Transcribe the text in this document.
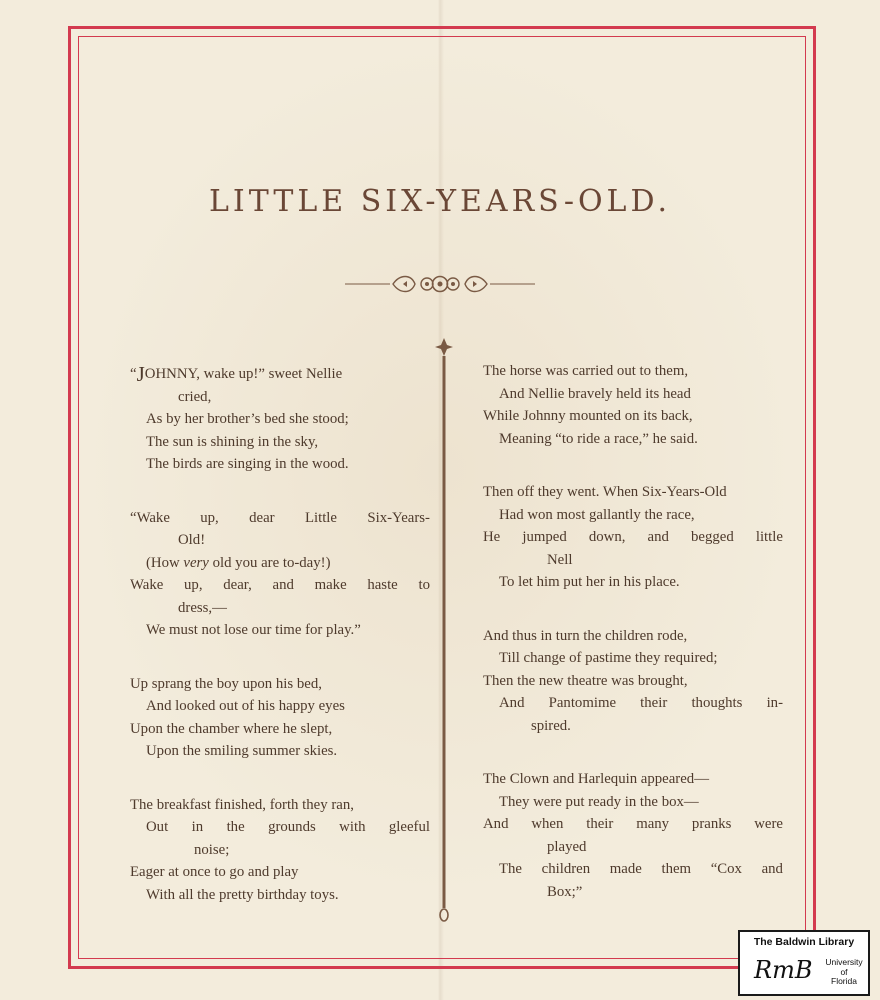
LITTLE SIX-YEARS-OLD.
“JOHNNY, wake up!” sweet Nellie
cried,
As by her brother’s bed she stood;
The sun is shining in the sky,
The birds are singing in the wood.
“Wake up, dear Little Six-Years-
Old!
(How very old you are to-day!)
Wake up, dear, and make haste to
dress,—
We must not lose our time for play.”
Up sprang the boy upon his bed,
And looked out of his happy eyes
Upon the chamber where he slept,
Upon the smiling summer skies.
The breakfast finished, forth they ran,
Out in the grounds with gleeful
noise;
Eager at once to go and play
With all the pretty birthday toys.
The horse was carried out to them,
And Nellie bravely held its head
While Johnny mounted on its back,
Meaning “to ride a race,” he said.
Then off they went. When Six-Years-Old
Had won most gallantly the race,
He jumped down, and begged little
Nell
To let him put her in his place.
And thus in turn the children rode,
Till change of pastime they required;
Then the new theatre was brought,
And Pantomime their thoughts in-
spired.
The Clown and Harlequin appeared—
They were put ready in the box—
And when their many pranks were
played
The children made them “Cox and
Box;”
The Baldwin Library
RmB	University
of
Florida
